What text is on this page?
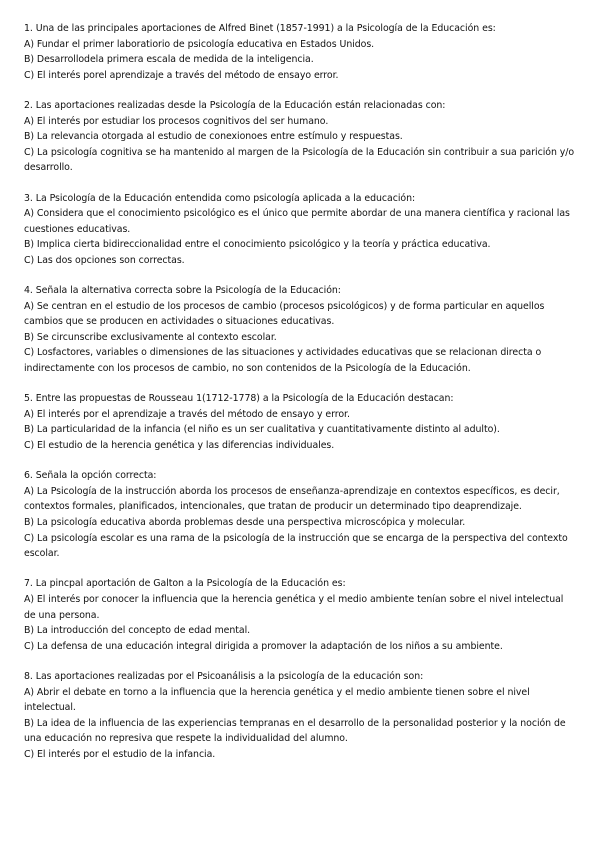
1. Una de las principales aportaciones de Alfred Binet (1857-1991) a la Psicología de la Educación es:
A) Fundar el primer laboratiorio de psicología educativa en Estados Unidos.
B) Desarrollodela primera escala de medida de la inteligencia.
C) El interés porel aprendizaje a través del método de ensayo error.
2. Las aportaciones realizadas desde la Psicología de la Educación están relacionadas con:
A) El interés por estudiar los procesos cognitivos del ser humano.
B) La relevancia otorgada al estudio de conexionoes entre estímulo y respuestas.
C) La psicología cognitiva se ha mantenido al margen de la Psicología de la Educación sin contribuir a sua parición y/o desarrollo.
3. La Psicología de la Educación entendida como psicología aplicada a la educación:
A) Considera que el conocimiento psicológico es el único que permite abordar de una manera científica y racional las cuestiones educativas.
B) Implica cierta bidireccionalidad entre el conocimiento psicológico y la teoría y práctica educativa.
C) Las dos opciones son correctas.
4. Señala la alternativa correcta sobre la Psicología de la Educación:
A) Se centran en el estudio de los procesos de cambio (procesos psicológicos) y de forma particular en aquellos cambios que se producen en actividades o situaciones educativas.
B) Se circunscribe exclusivamente al contexto escolar.
C) Losfactores, variables o dimensiones de las situaciones y actividades educativas que se relacionan directa o indirectamente con los procesos de cambio, no son contenidos de la Psicología de la Educación.
5. Entre las propuestas de Rousseau 1(1712-1778) a la Psicología de la Educación destacan:
A) El interés por el aprendizaje a través del método de ensayo y error.
B) La particularidad de la infancia (el niño es un ser cualitativa y cuantitativamente distinto al adulto).
C) El estudio de la herencia genética y las diferencias individuales.
6. Señala la opción correcta:
A) La Psicología de la instrucción aborda los procesos de enseñanza-aprendizaje en contextos específicos, es decir, contextos formales, planificados, intencionales, que tratan de producir un determinado tipo deaprendizaje.
B) La psicología educativa aborda problemas desde una perspectiva microscópica y molecular.
C) La psicología escolar es una rama de la psicología de la instrucción que se encarga de la perspectiva del contexto escolar.
7. La pincpal aportación de Galton a la Psicología de la Educación es:
A) El interés por conocer la influencia que la herencia genética y el medio ambiente tenían sobre el nivel intelectual de una persona.
B) La introducción del concepto de edad mental.
C) La defensa de una educación integral dirigida a promover la adaptación de los niños a su ambiente.
8. Las aportaciones realizadas por el Psicoanálisis a la psicología de la educación son:
A) Abrir el debate en torno a la influencia que la herencia genética y el medio ambiente tienen sobre el nivel intelectual.
B) La idea de la influencia de las experiencias tempranas en el desarrollo de la personalidad posterior y la noción de una educación no represiva que respete la individualidad del alumno.
C) El interés por el estudio de la infancia.
